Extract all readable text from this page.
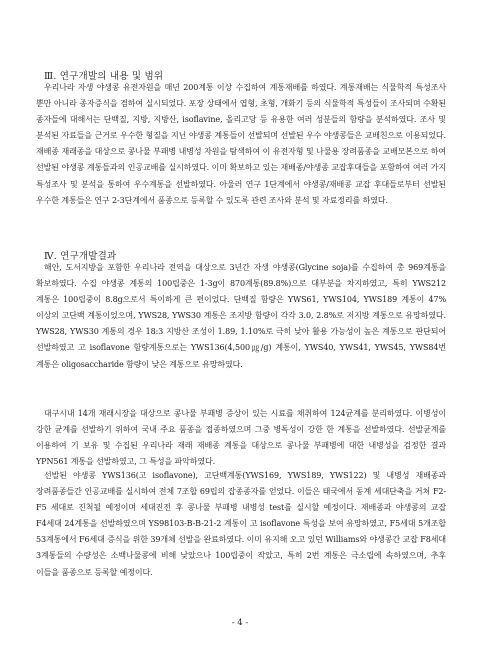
Ⅲ. 연구개발의 내용 및 범위

우리나라 자생 야생콩 유전자원을 매년 200계통 이상 수집하여 계통재배를 하였다. 계통재배는 식물학적 특성조사 뿐만 아니라 종자증식을 겸하여 실시되었다. 포장 상태에서 엽형, 초형, 개화기 등의 식물학적 특성들이 조사되며 수확된 종자들에 대해서는 단백질, 지방, 지방산, isoflavine, 올리고당 등 유용한 여러 성분들의 함량을 분석하였다. 조사 및 분석된 자료들을 근거로 우수한 형질을 지닌 야생콩 계통들이 선발되며 선발된 우수 야생콩들은 교배친으로 이용되었다. 재배종 재래종을 대상으로 콩나물 부패병 내병성 자원을 탐색하여 이 유전자형 및 나물용 장려품종을 교배모본으로 하여 선발된 야생콩 계통들과의 인공교배를 실시하였다. 이미 확보하고 있는 재배종/야생종 교잡후대들을 포함하여 여러 가지 특성조사 및 분석을 통하여 우수계통을 선발하였다. 아울러 연구 1단계에서 야생콩/재배콩 교잡 후대들로부터 선발된 우수한 계통들은 연구 2-3단계에서 품종으로 등록할 수 있도록 관련 조사와 분석 및 자료정리를 하였다.

Ⅳ. 연구개발결과

해안, 도서지방을 포함한 우리나라 전역을 대상으로 3년간 자생 야생콩(Glycine soja)를 수집하여 총 969계통을 확보하였다. 수집 야생콩 계통의 100립중은 1-3g이 870계통(89.8%)으로 대부분을 차지하였고, 특히 YWS212 계통은 100립중이 8.8g으로서 특이하게 큰 편이었다. 단백질 함량은 YWS61, YWS104, YWS189 계통이 47% 이상의 고단백 계통이었으며, YWS28, YWS30 계통은 조지방 함량이 각각 3.0, 2.8%로 저지방 계통으로 유망하였다. YWS28, YWS30 계통의 경우 18:3 지방산 조성이 1.89, 1.10%로 극히 낮아 활용 가능성이 높은 계통으로 판단되어 선발하였고 고 isoflavone 함량계통으로는 YWS136(4,500㎍/g) 계통이, YWS40, YWS41, YWS45, YWS84번 계통은 oligosaccharide 함량이 낮은 계통으로 유망하였다.

대구시내 14개 재래시장을 대상으로 콩나물 부패병 증상이 있는 시료를 채취하여 124균계를 분리하였다. 이병성이 강한 균계를 선발하기 위하여 국내 주요 품종을 접종하였으며 그중 병독성이 강한 한 계통을 선발하였다. 선발균계를 이용하여 기 보유 및 수집된 우리나라 재래 재배종 계통을 대상으로 콩나물 부패병에 대한 내병성을 검정한 결과 YPN561 계통을 선발하였고, 그 특성을 파악하였다.

선발된 야생콩 YWS136(고 isoflavone), 고단백계통(YWS169, YWS189, YWS122) 및 내병성 재배종과 장려품종들간 인공교배를 실시하여 전체 7조합 69립의 잡종종자를 얻었다. 이들은 태국에서 동계 세대단축을 거쳐 F2-F5 세대로 진척될 예정이며 세대진전 후 콩나물 부패병 내병성 test를 실시할 예정이다. 재배종과 야생콩의 교잡 F4세대 24계통을 선발하였으며 YS98103-B-B-21-2 계통이 고 isoflavone 특성을 보여 유망하였고, F5세대 5개조합 53계통에서 F6세대 증식을 위한 39개체 선발을 완료하였다. 이미 유지해 오고 있던 Williams와 야생콩간 교잡 F8세대 3계통들의 수량성은 소백나물콩에 비해 낮았으나 100립중이 작았고, 특히 2번 계통은 극소립에 속하였으며, 추후 이들을 품종으로 등록할 예정이다.

- 4 -
